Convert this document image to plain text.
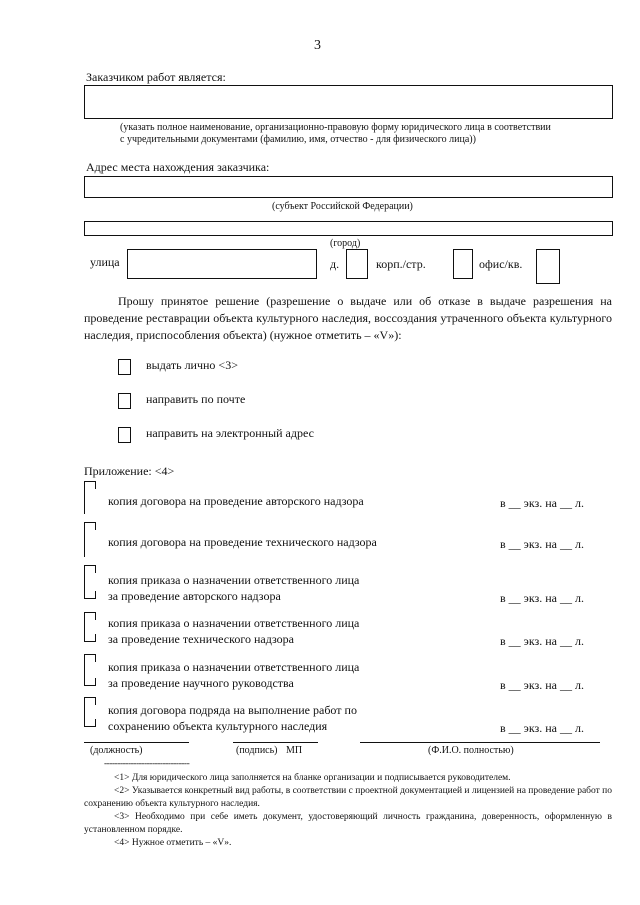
3
Заказчиком работ является:
(указать полное наименование, организационно-правовую форму юридического лица в соответствии
с учредительными документами (фамилию, имя, отчество - для физического лица))
Адрес места нахождения заказчика:
(субъект Российской Федерации)
(город)
улица	д.	корп./стр.	офис/кв.
Прошу принятое решение (разрешение о выдаче или об отказе в выдаче разрешения на проведение реставрации объекта культурного наследия, воссоздания утраченного объекта культурного наследия, приспособления объекта) (нужное отметить – «V»):
выдать лично <3>
направить по почте
направить на электронный адрес
Приложение: <4>
копия договора на проведение авторского надзора	в __ экз. на __ л.
копия договора на проведение технического надзора	в __ экз. на __ л.
копия приказа о назначении ответственного лица
за проведение авторского надзора	в __ экз. на __ л.
копия приказа о назначении ответственного лица
за проведение технического надзора	в __ экз. на __ л.
копия приказа о назначении ответственного лица
за проведение научного руководства	в __ экз. на __ л.
копия договора подряда на выполнение работ по
сохранению объекта культурного наследия	в __ экз. на __ л.
(должность)	(подпись) МП	(Ф.И.О. полностью)
--------------------------------
<1> Для юридического лица заполняется на бланке организации и подписывается руководителем.
<2> Указывается конкретный вид работы, в соответствии с проектной документацией и лицензией на проведение работ по сохранению объекта культурного наследия.
<3> Необходимо при себе иметь документ, удостоверяющий личность гражданина, доверенность, оформленную в установленном порядке.
<4> Нужное отметить – «V».
